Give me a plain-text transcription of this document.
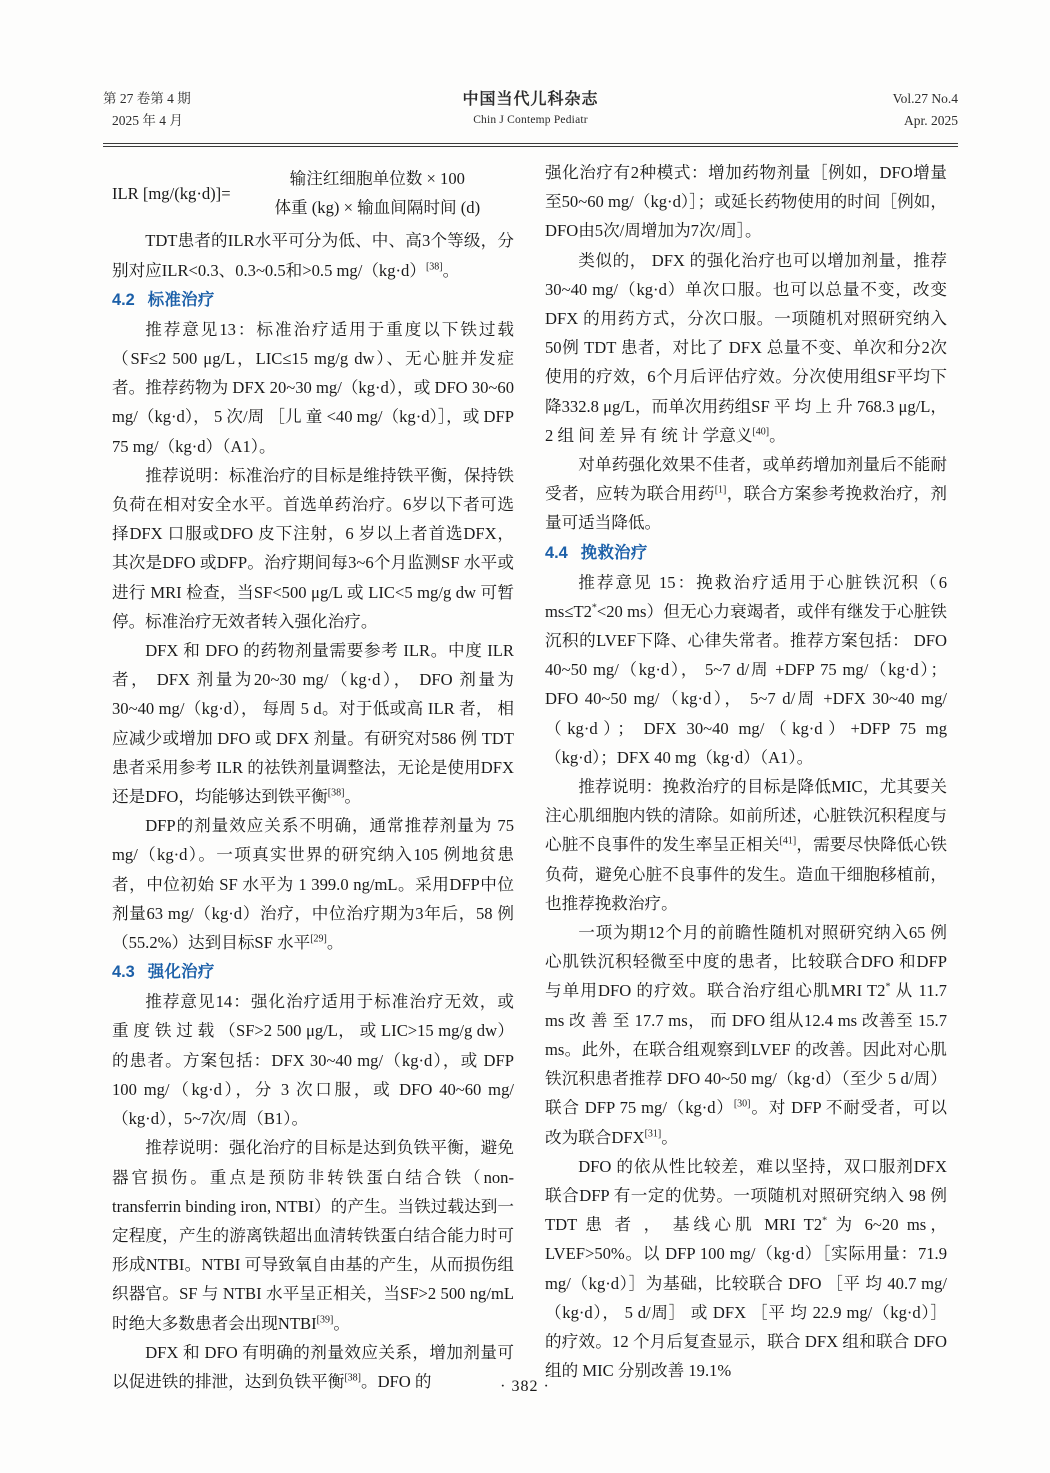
第 27 卷第 4 期
2025 年 4 月
中国当代儿科杂志
Chin J Contemp Pediatr
Vol.27 No.4
Apr. 2025
ILR [mg/(kg·d)]=
输注红细胞单位数 × 100 体重 (kg) × 输血间隔时间 (d)

TDT患者的ILR水平可分为低、中、高3个等级，分别对应ILR<0.3、0.3~0.5和>0.5 mg/（kg·d）[38]。

4.2 标准治疗

推荐意见13：标准治疗适用于重度以下铁过载（SF≤2 500 μg/L，LIC≤15 mg/g dw）、无心脏并发症者。推荐药物为 DFX 20~30 mg/（kg·d），或 DFO 30~60 mg/（kg·d）， 5 次/周 ［儿 童 <40 mg/（kg·d）］，或 DFP 75 mg/（kg·d）（A1）。

推荐说明：标准治疗的目标是维持铁平衡，保持铁负荷在相对安全水平。首选单药治疗。6岁以下者可选择DFX 口服或DFO 皮下注射，6 岁以上者首选DFX，其次是DFO 或DFP。治疗期间每3~6个月监测SF 水平或进行 MRI 检查，当SF<500 μg/L 或 LIC<5 mg/g dw 可暂停。标准治疗无效者转入强化治疗。

DFX 和 DFO 的药物剂量需要参考 ILR。中度 ILR 者， DFX 剂量为20~30 mg/（kg·d）， DFO 剂量为 30~40 mg/（kg·d）， 每周 5 d。对于低或高 ILR 者， 相应减少或增加 DFO 或 DFX 剂量。有研究对586 例 TDT 患者采用参考 ILR 的祛铁剂量调整法，无论是使用DFX 还是DFO，均能够达到铁平衡[38]。

DFP的剂量效应关系不明确，通常推荐剂量为 75 mg/（kg·d）。一项真实世界的研究纳入105 例地贫患者，中位初始 SF 水平为 1 399.0 ng/mL。采用DFP中位剂量63 mg/（kg·d）治疗，中位治疗期为3年后，58 例（55.2%）达到目标SF 水平[29]。

4.3 强化治疗

推荐意见14：强化治疗适用于标准治疗无效，或 重 度 铁 过 载 （SF>2 500 μg/L， 或 LIC>15 mg/g dw）的患者。方案包括：DFX 30~40 mg/（kg·d），或 DFP 100 mg/（kg·d），分 3 次口服，或 DFO 40~60 mg/（kg·d），5~7次/周（B1）。

推荐说明：强化治疗的目标是达到负铁平衡，避免器官损伤。重点是预防非转铁蛋白结合铁（non-transferrin binding iron, NTBI）的产生。当铁过载达到一定程度，产生的游离铁超出血清转铁蛋白结合能力时可形成NTBI。NTBI 可导致氧自由基的产生，从而损伤组织器官。SF 与 NTBI 水平呈正相关，当SF>2 500 ng/mL时绝大多数患者会出现NTBI[39]。

DFX 和 DFO 有明确的剂量效应关系，增加剂量可以促进铁的排泄，达到负铁平衡[38]。DFO 的

强化治疗有2种模式：增加药物剂量［例如，DFO增量至50~60 mg/（kg·d）］；或延长药物使用的时间［例如，DFO由5次/周增加为7次/周］。

类似的， DFX 的强化治疗也可以增加剂量，推荐30~40 mg/（kg·d）单次口服。也可以总量不变，改变DFX 的用药方式，分次口服。一项随机对照研究纳入50例 TDT 患者，对比了 DFX 总量不变、单次和分2次使用的疗效，6个月后评估疗效。分次使用组SF平均下降332.8 μg/L，而单次用药组SF 平 均 上 升 768.3 μg/L， 2 组 间 差 异 有 统 计 学意义[40]。

对单药强化效果不佳者，或单药增加剂量后不能耐受者，应转为联合用药[1]，联合方案参考挽救治疗，剂量可适当降低。

4.4 挽救治疗

推荐意见 15：挽救治疗适用于心脏铁沉积（6 ms≤T2*<20 ms）但无心力衰竭者，或伴有继发于心脏铁沉积的LVEF下降、心律失常者。推荐方案包括： DFO 40~50 mg/（kg·d）， 5~7 d/周 +DFP 75 mg/（kg·d）； DFO 40~50 mg/（kg·d）， 5~7 d/周 +DFX 30~40 mg/（kg·d）； DFX 30~40 mg/（kg·d）+DFP 75 mg（kg·d）；DFX 40 mg（kg·d）（A1）。

推荐说明：挽救治疗的目标是降低MIC，尤其要关注心肌细胞内铁的清除。如前所述，心脏铁沉积程度与心脏不良事件的发生率呈正相关[41]，需要尽快降低心铁负荷，避免心脏不良事件的发生。造血干细胞移植前，也推荐挽救治疗。

一项为期12个月的前瞻性随机对照研究纳入65 例心肌铁沉积轻微至中度的患者，比较联合DFO 和DFP 与单用DFO 的疗效。联合治疗组心肌MRI T2* 从 11.7 ms 改 善 至 17.7 ms， 而 DFO 组从12.4 ms 改善至 15.7 ms。此外，在联合组观察到LVEF 的改善。因此对心肌铁沉积患者推荐 DFO 40~50 mg/（kg·d）（至少 5 d/周）联合 DFP 75 mg/（kg·d）[30]。对 DFP 不耐受者，可以改为联合DFX[31]。

DFO 的依从性比较差，难以坚持，双口服剂DFX 联合DFP 有一定的优势。一项随机对照研究纳入 98 例 TDT 患 者 ， 基线心肌 MRI T2* 为 6~20 ms，LVEF>50%。以 DFP 100 mg/（kg·d）［实际用量：71.9 mg/（kg·d）］为基础，比较联合 DFO ［平 均 40.7 mg/（kg·d）， 5 d/周］ 或 DFX ［平 均 22.9 mg/（kg·d）］的疗效。12 个月后复查显示，联合 DFX 组和联合 DFO 组的 MIC 分别改善 19.1%

· 382 ·
